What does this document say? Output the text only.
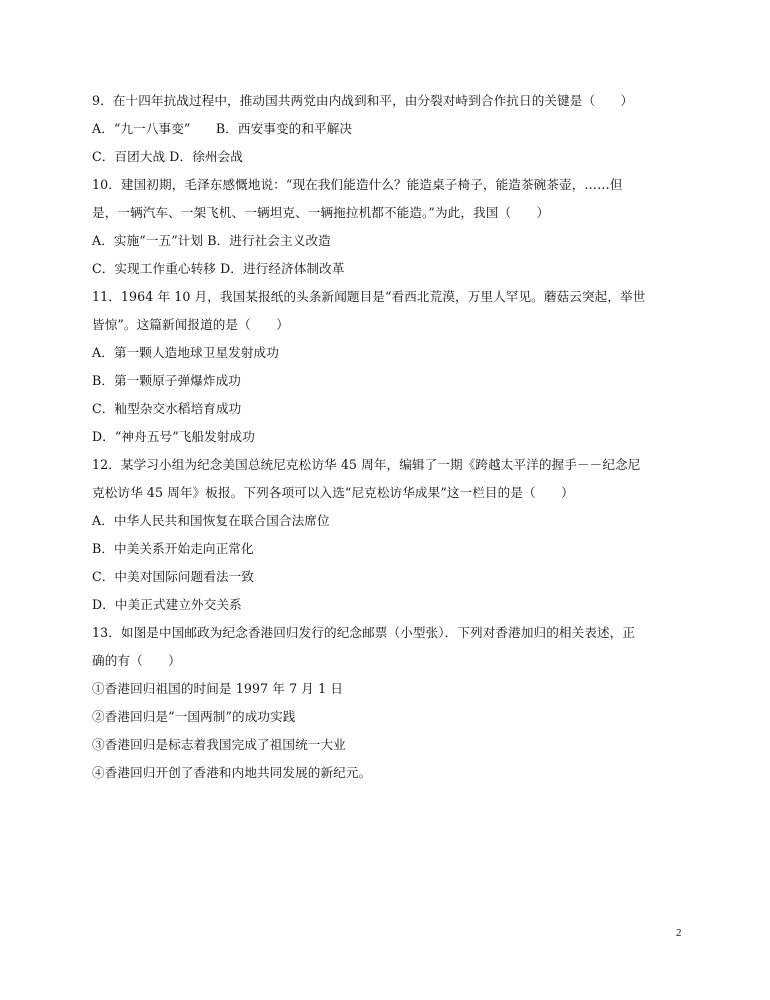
9．在十四年抗战过程中，推动国共两党由内战到和平，由分裂对峙到合作抗日的关键是（　　）
A．“九一八事变”　　B．西安事变的和平解决
C．百团大战 D．徐州会战
10．建国初期，毛泽东感慨地说：“现在我们能造什么？能造桌子椅子，能造茶碗茶壶，……但
是，一辆汽车、一架飞机、一辆坦克、一辆拖拉机都不能造。”为此，我国（　　）
A．实施“一五”计划 B．进行社会主义改造
C．实现工作重心转移 D．进行经济体制改革
11．1964 年 10 月，我国某报纸的头条新闻题目是“看西北荒漠，万里人罕见。蘑菇云突起，举世
皆惊”。这篇新闻报道的是（　　）
A．第一颗人造地球卫星发射成功
B．第一颗原子弹爆炸成功
C．籼型杂交水稻培育成功
D．“神舟五号”飞船发射成功
12．某学习小组为纪念美国总统尼克松访华 45 周年，编辑了一期《跨越太平洋的握手－－纪念尼
克松访华 45 周年》板报。下列各项可以入选“尼克松访华成果”这一栏目的是（　　）
A．中华人民共和国恢复在联合国合法席位
B．中美关系开始走向正常化
C．中美对国际问题看法一致
D．中美正式建立外交关系
13．如图是中国邮政为纪念香港回归发行的纪念邮票（小型张）．下列对香港加归的相关表述，正
确的有（　　）
①香港回归祖国的时间是 1997 年 7 月 1 日
②香港回归是“一国两制”的成功实践
③香港回归是标志着我国完成了祖国统一大业
④香港回归开创了香港和内地共同发展的新纪元。
2
